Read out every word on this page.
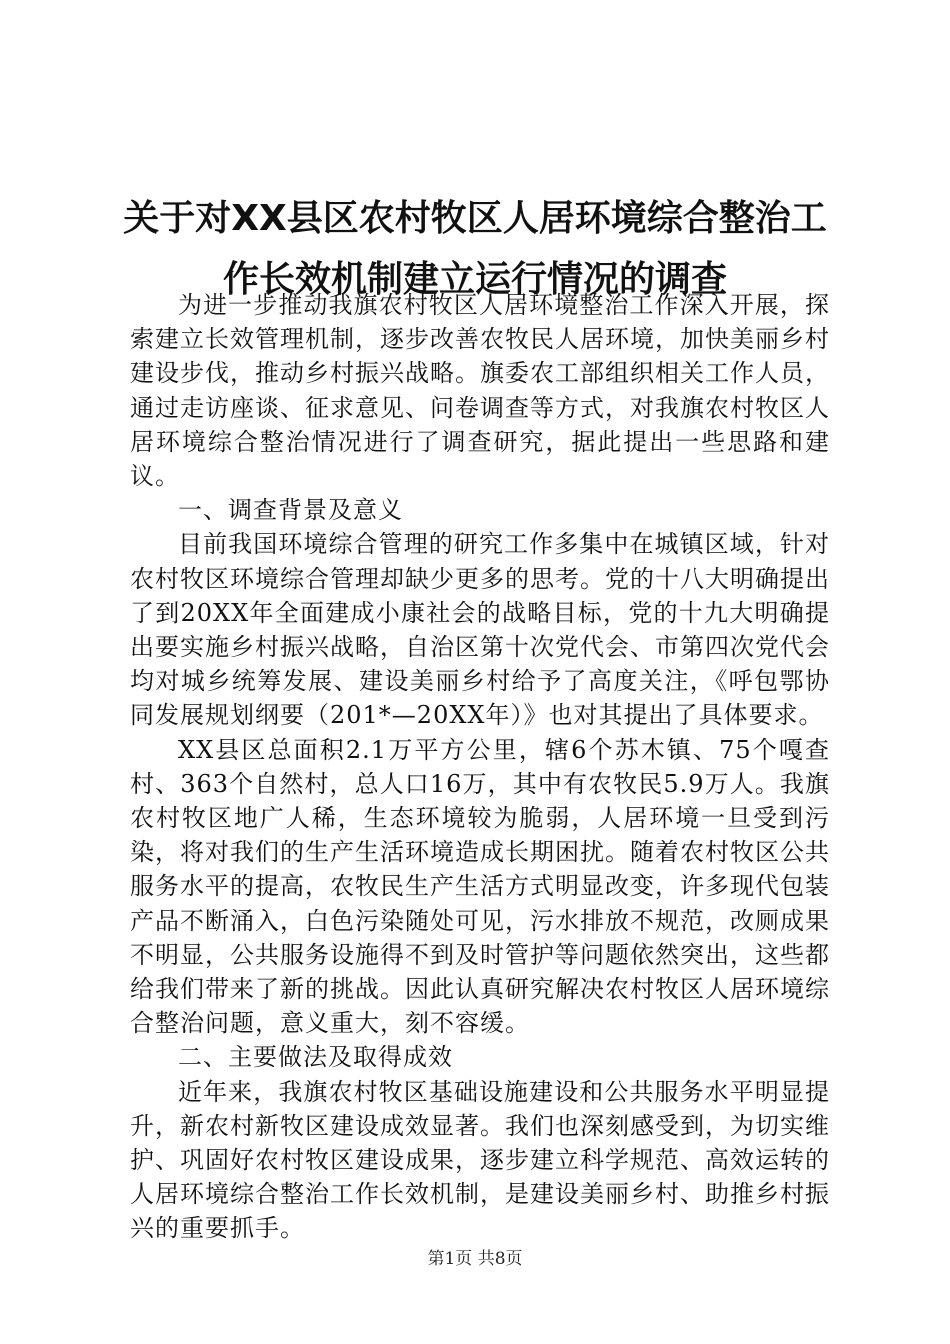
关于对XX县区农村牧区人居环境综合整治工作长效机制建立运行情况的调查

为进一步推动我旗农村牧区人居环境整治工作深入开展，探索建立长效管理机制，逐步改善农牧民人居环境，加快美丽乡村建设步伐，推动乡村振兴战略。旗委农工部组织相关工作人员，通过走访座谈、征求意见、问卷调查等方式，对我旗农村牧区人居环境综合整治情况进行了调查研究，据此提出一些思路和建议。

一、调查背景及意义

目前我国环境综合管理的研究工作多集中在城镇区域，针对农村牧区环境综合管理却缺少更多的思考。党的十八大明确提出了到20XX年全面建成小康社会的战略目标，党的十九大明确提出要实施乡村振兴战略，自治区第十次党代会、市第四次党代会均对城乡统筹发展、建设美丽乡村给予了高度关注，《呼包鄂协同发展规划纲要（201*—20XX年）》也对其提出了具体要求。

XX县区总面积2.1万平方公里，辖6个苏木镇、75个嘎查村、363个自然村，总人口16万，其中有农牧民5.9万人。我旗农村牧区地广人稀，生态环境较为脆弱，人居环境一旦受到污染，将对我们的生产生活环境造成长期困扰。随着农村牧区公共服务水平的提高，农牧民生产生活方式明显改变，许多现代包装产品不断涌入，白色污染随处可见，污水排放不规范，改厕成果不明显，公共服务设施得不到及时管护等问题依然突出，这些都给我们带来了新的挑战。因此认真研究解决农村牧区人居环境综合整治问题，意义重大，刻不容缓。

二、主要做法及取得成效

近年来，我旗农村牧区基础设施建设和公共服务水平明显提升，新农村新牧区建设成效显著。我们也深刻感受到，为切实维护、巩固好农村牧区建设成果，逐步建立科学规范、高效运转的人居环境综合整治工作长效机制，是建设美丽乡村、助推乡村振兴的重要抓手。

第1页 共8页
